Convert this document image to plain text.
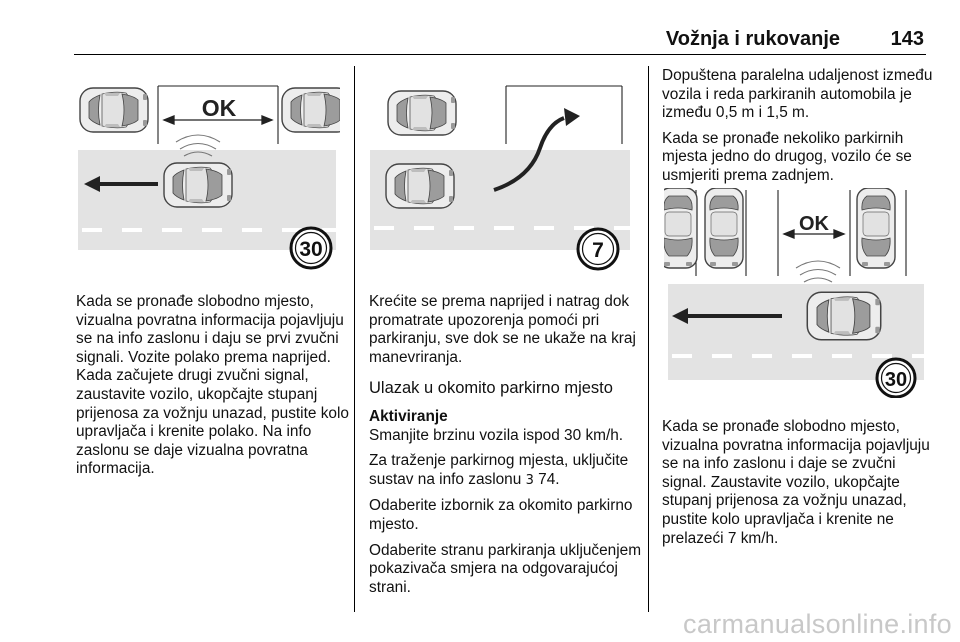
Vožnja i rukovanje	143
OK
30	7
OK
30

Kada se pronađe slobodno mjesto, vizualna povratna informacija pojavljuju se na info zaslonu i daju se prvi zvučni signali. Vozite polako prema naprijed. Kada začujete drugi zvučni signal, zaustavite vozilo, ukopčajte stupanj prijenosa za vožnju unazad, pustite kolo upravljača i krenite polako. Na info zaslonu se daje vizualna povratna informacija.

Krećite se prema naprijed i natrag dok promatrate upozorenja pomoći pri parkiranju, sve dok se ne ukaže na kraj manevriranja.

Ulazak u okomito parkirno mjesto
Aktiviranje

Smanjite brzinu vozila ispod 30 km/h.

Za traženje parkirnog mjesta, uključite sustav na info zaslonu 3 74.

Odaberite izbornik za okomito parkirno mjesto.

Odaberite stranu parkiranja uključenjem pokazivača smjera na odgovarajućoj strani.

Dopuštena paralelna udaljenost između vozila i reda parkiranih automobila je između 0,5 m i 1,5 m.

Kada se pronađe nekoliko parkirnih mjesta jedno do drugog, vozilo će se usmjeriti prema zadnjem.

Kada se pronađe slobodno mjesto, vizualna povratna informacija pojavljuju se na info zaslonu i daje se zvučni signal. Zaustavite vozilo, ukopčajte stupanj prijenosa za vožnju unazad, pustite kolo upravljača i krenite ne prelazeći 7 km/h.

carmanualsonline.info
